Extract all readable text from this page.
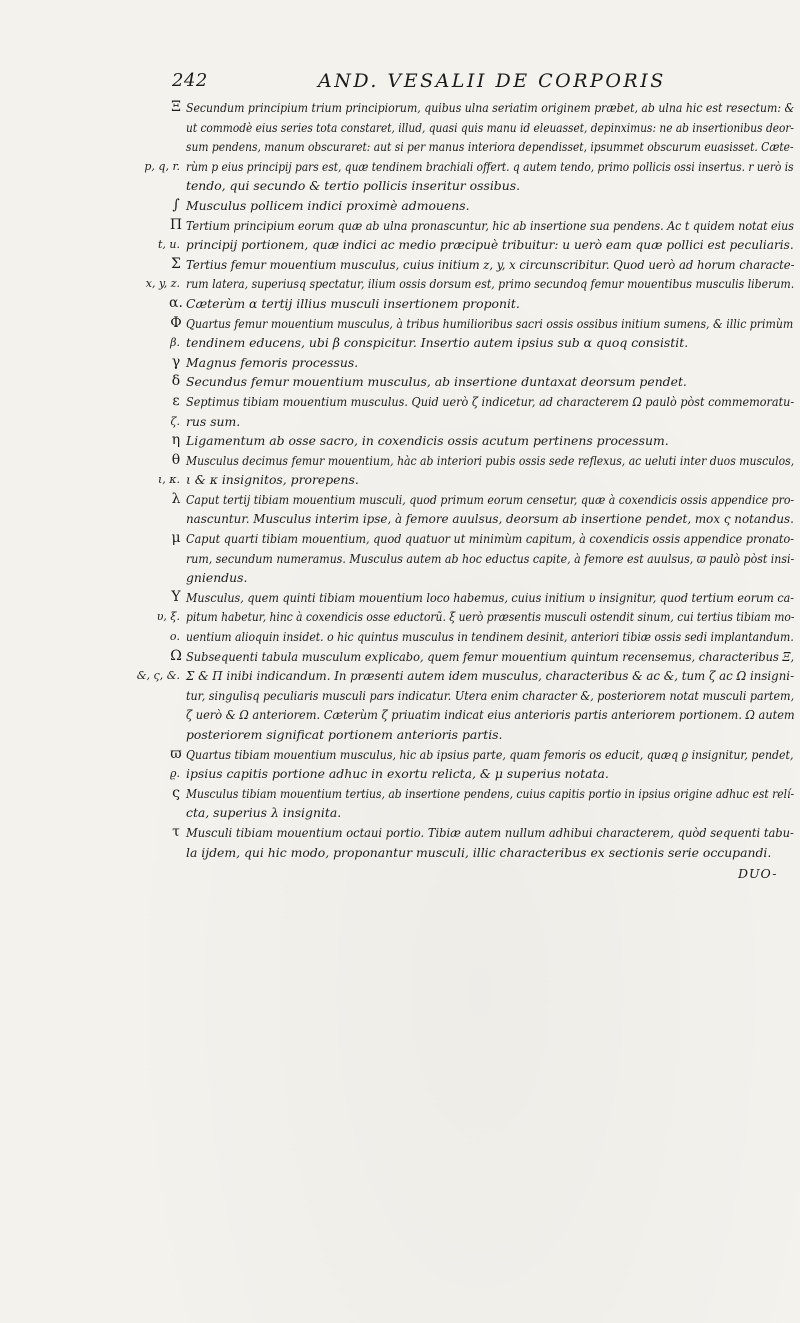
242	AND. VESALII DE CORPORIS
Ξ Secundum principium trium principiorum, quibus ulna seriatim originem præbet, ab ulna hic est resectum: &
ut commodè eius series tota constaret, illud, quasi quis manu id eleuasset, depinximus: ne ab insertionibus deor-
sum pendens, manum obscuraret: aut si per manus interiora dependisset, ipsummet obscurum euasisset. Cæte-
rùm p eius principij pars est, quæ tendinem brachiali offert. q autem tendo, primo pollicis ossi insertus. r uerò is
tendo, qui secundo & tertio pollicis inseritur ossibus.
p, q, r.
∫ Musculus pollicem indici proximè admouens.
Π Tertium principium eorum quæ ab ulna pronascuntur, hic ab insertione sua pendens. Ac t quidem notat eius
principij portionem, quæ indici ac medio præcipuè tribuitur: u uerò eam quæ pollici est peculiaris.
t, u.
Σ Tertius femur mouentium musculus, cuius initium z, y, x circunscribitur. Quod uerò ad horum characte-
rum latera, superiusq spectatur, ilium ossis dorsum est, primo secundoq femur mouentibus musculis liberum.
x, y, z.
α. Cæterùm α tertij illius musculi insertionem proponit.
Φ Quartus femur mouentium musculus, à tribus humilioribus sacri ossis ossibus initium sumens, & illic primùm
tendinem educens, ubi β conspicitur. Insertio autem ipsius sub α quoq consistit.
β.
γ Magnus femoris processus.
δ Secundus femur mouentium musculus, ab insertione duntaxat deorsum pendet.
ε Septimus tibiam mouentium musculus. Quid uerò ζ indicetur, ad characterem Ω paulò pòst commemoratu-
rus sum.
ζ.
η Ligamentum ab osse sacro, in coxendicis ossis acutum pertinens processum.
θ Musculus decimus femur mouentium, hàc ab interiori pubis ossis sede reflexus, ac ueluti inter duos musculos,
ι & κ insignitos, prorepens.
ι, κ.
λ Caput tertij tibiam mouentium musculi, quod primum eorum censetur, quæ à coxendicis ossis appendice pro-
nascuntur. Musculus interim ipse, à femore auulsus, deorsum ab insertione pendet, mox ς notandus.
μ Caput quarti tibiam mouentium, quod quatuor ut minimùm capitum, à coxendicis ossis appendice pronato-
rum, secundum numeramus. Musculus autem ab hoc eductus capite, à femore est auulsus, ϖ paulò pòst insi-
gniendus.
Υ Musculus, quem quinti tibiam mouentium loco habemus, cuius initium υ insignitur, quod tertium eorum ca-
pitum habetur, hinc à coxendicis osse eductorũ. ξ uerò præsentis musculi ostendit sinum, cui tertius tibiam mo-
uentium alioquin insidet. ο hic quintus musculus in tendinem desinit, anteriori tibiæ ossis sedi implantandum.
υ, ξ.
ο.
Ω Subsequenti tabula musculum explicabo, quem femur mouentium quintum recensemus, characteribus Ξ,
Σ & Π inibi indicandum. In præsenti autem idem musculus, characteribus & ac &, tum ζ ac Ω insigni-
tur, singulisq peculiaris musculi pars indicatur. Utera enim character &, posteriorem notat musculi partem,
ζ uerò & Ω anteriorem. Cæterùm ζ priuatim indicat eius anterioris partis anteriorem portionem. Ω autem
posteriorem significat portionem anterioris partis.
&, ς, &.
ϖ Quartus tibiam mouentium musculus, hic ab ipsius parte, quam femoris os educit, quæq ϱ insignitur, pendet,
ipsius capitis portione adhuc in exortu relicta, & μ superius notata.
ϱ.
ς Musculus tibiam mouentium tertius, ab insertione pendens, cuius capitis portio in ipsius origine adhuc est relí-
cta, superius λ insignita.
τ Musculi tibiam mouentium octaui portio. Tibiæ autem nullum adhibui characterem, quòd sequenti tabu-
la ijdem, qui hic modo, proponantur musculi, illic characteribus ex sectionis serie occupandi.
DUO-
